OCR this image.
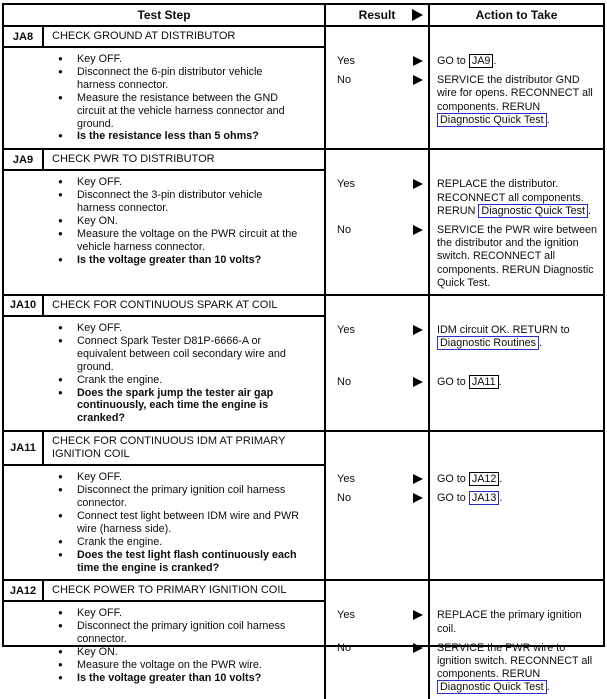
Test Step	Result	Action to Take
JA8	CHECK GROUND AT DISTRIBUTOR
●	Key OFF.
●	Disconnect the 6-pin distributor vehicle harness connector.
●	Measure the resistance between the GND circuit at the vehicle harness connector and ground.
●	Is the resistance less than 5 ohms?
Yes	GO to JA9 .
No	SERVICE the distributor GND wire for opens. RECONNECT all components. RERUN Diagnostic Quick Test .
JA9	CHECK PWR TO DISTRIBUTOR
●	Key OFF.
●	Disconnect the 3-pin distributor vehicle harness connector.
●	Key ON.
●	Measure the voltage on the PWR circuit at the vehicle harness connector.
●	Is the voltage greater than 10 volts?
Yes	REPLACE the distributor. RECONNECT all components. RERUN Diagnostic Quick Test .
No	SERVICE the PWR wire between the distributor and the ignition switch. RECONNECT all components. RERUN Diagnostic Quick Test.
JA10	CHECK FOR CONTINUOUS SPARK AT COIL
●	Key OFF.
●	Connect Spark Tester D81P-6666-A or equivalent between coil secondary wire and ground.
●	Crank the engine.
●	Does the spark jump the tester air gap continuously, each time the engine is cranked?
Yes	IDM circuit OK. RETURN to Diagnostic Routines .
No	GO to JA11 .
JA11
CHECK FOR CONTINUOUS IDM AT PRIMARY IGNITION COIL
●	Key OFF.
●	Disconnect the primary ignition coil harness connector.
●	Connect test light between IDM wire and PWR wire (harness side).
●	Crank the engine.
●	Does the test light flash continuously each time the engine is cranked?
Yes	GO to JA12 .
No	GO to JA13 .
JA12	CHECK POWER TO PRIMARY IGNITION COIL
●	Key OFF.
●	Disconnect the primary ignition coil harness connector.
●	Key ON.
●	Measure the voltage on the PWR wire.
●	Is the voltage greater than 10 volts?
Yes	REPLACE the primary ignition coil.
No	SERVICE the PWR wire to ignition switch. RECONNECT all components. RERUN Diagnostic Quick Test .
